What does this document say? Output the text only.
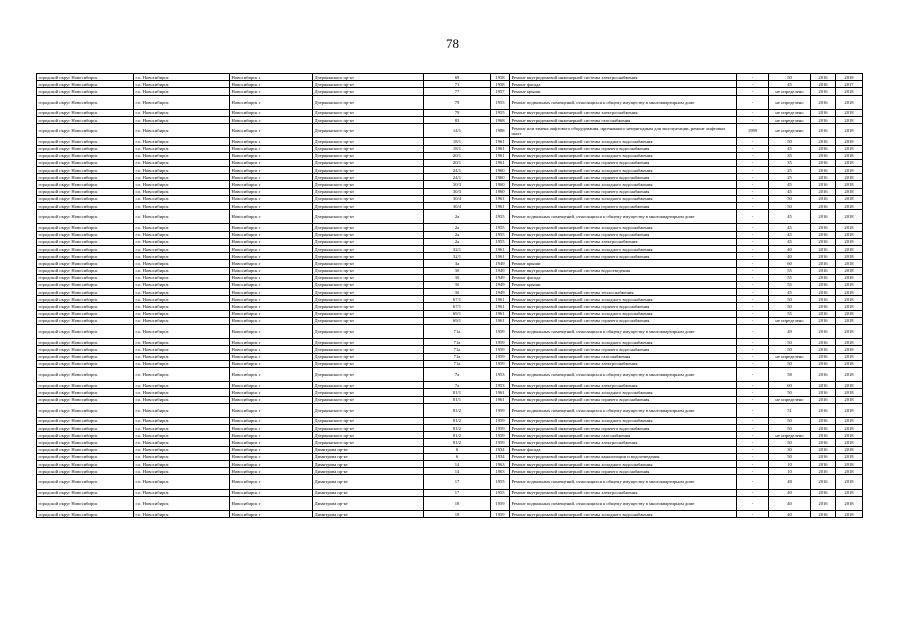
78
городской округ Новосибирск	г.о. Новосибирск	Новосибирск г	Дзержинского пр-кт	69	1958	Ремонт внутридомовой инженерной системы электроснабжения	-	50	2016	2018
городской округ Новосибирск	г.о. Новосибирск	Новосибирск г	Дзержинского пр-кт	71	1958	Ремонт фасада	-	45	2016	2017
городской округ Новосибирск	г.о. Новосибирск	Новосибирск г	Дзержинского пр-кт	77	1957	Ремонт крыши	-	не определено	2016	2018
городской округ Новосибирск	г.о. Новосибирск	Новосибирск г	Дзержинского пр-кт	79	1955	Ремонт подвальных помещений, относящихся к общему имуществу в многоквартирном доме	-	не определено	2016	2018
городской округ Новосибирск	г.о. Новосибирск	Новосибирск г	Дзержинского пр-кт	79	1955	Ремонт внутридомовой инженерной системы электроснабжения	-	не определено	2016	2018
городской округ Новосибирск	г.о. Новосибирск	Новосибирск г	Дзержинского пр-кт	83	1968	Ремонт внутридомовой инженерной системы газоснабжения	-	не определено	2016	2018
городской округ Новосибирск	г.о. Новосибирск	Новосибирск г	Дзержинского пр-кт	14/1	1988	Ремонт или замена лифтового оборудования, признанного непригодным для эксплуатации, ремонт лифтовых шахт	1989	не определено	2016	2018
городской округ Новосибирск	г.о. Новосибирск	Новосибирск г	Дзержинского пр-кт	18/1	1961	Ремонт внутридомовой инженерной системы холодного водоснабжения	-	50	2016	2018
городской округ Новосибирск	г.о. Новосибирск	Новосибирск г	Дзержинского пр-кт	18/1	1961	Ремонт внутридомовой инженерной системы горячего водоснабжения	-	45	2016	2018
городской округ Новосибирск	г.о. Новосибирск	Новосибирск г	Дзержинского пр-кт	20/1	1961	Ремонт внутридомовой инженерной системы холодного водоснабжения	-	35	2016	2018
городской округ Новосибирск	г.о. Новосибирск	Новосибирск г	Дзержинского пр-кт	20/1	1961	Ремонт внутридомовой инженерной системы горячего водоснабжения	-	35	2016	2018
городской округ Новосибирск	г.о. Новосибирск	Новосибирск г	Дзержинского пр-кт	24/1	1960	Ремонт внутридомовой инженерной системы холодного водоснабжения	-	25	2016	2018
городской округ Новосибирск	г.о. Новосибирск	Новосибирск г	Дзержинского пр-кт	24/1	1960	Ремонт внутридомовой инженерной системы горячего водоснабжения	-	25	2016	2018
городской округ Новосибирск	г.о. Новосибирск	Новосибирск г	Дзержинского пр-кт	30/3	1960	Ремонт внутридомовой инженерной системы холодного водоснабжения	-	45	2016	2018
городской округ Новосибирск	г.о. Новосибирск	Новосибирск г	Дзержинского пр-кт	30/3	1960	Ремонт внутридомовой инженерной системы горячего водоснабжения	-	45	2016	2018
городской округ Новосибирск	г.о. Новосибирск	Новосибирск г	Дзержинского пр-кт	30/4	1961	Ремонт внутридомовой инженерной системы холодного водоснабжения	-	50	2016	2018
городской округ Новосибирск	г.о. Новосибирск	Новосибирск г	Дзержинского пр-кт	30/4	1961	Ремонт внутридомовой инженерной системы горячего водоснабжения	-	50	2016	2018
городской округ Новосибирск	г.о. Новосибирск	Новосибирск г	Дзержинского пр-кт	2а	1955	Ремонт подвальных помещений, относящихся к общему имуществу в многоквартирном доме	-	45	2016	2018
городской округ Новосибирск	г.о. Новосибирск	Новосибирск г	Дзержинского пр-кт	2а	1955	Ремонт внутридомовой инженерной системы холодного водоснабжения	-	45	2016	2018
городской округ Новосибирск	г.о. Новосибирск	Новосибирск г	Дзержинского пр-кт	2а	1955	Ремонт внутридомовой инженерной системы горячего водоснабжения	-	45	2016	2018
городской округ Новосибирск	г.о. Новосибирск	Новосибирск г	Дзержинского пр-кт	2а	1955	Ремонт внутридомовой инженерной системы электроснабжения	-	45	2016	2018
городской округ Новосибирск	г.о. Новосибирск	Новосибирск г	Дзержинского пр-кт	32/1	1961	Ремонт внутридомовой инженерной системы холодного водоснабжения	-	40	2016	2018
городской округ Новосибирск	г.о. Новосибирск	Новосибирск г	Дзержинского пр-кт	32/1	1961	Ремонт внутридомовой инженерной системы горячего водоснабжения	-	40	2016	2018
городской округ Новосибирск	г.о. Новосибирск	Новосибирск г	Дзержинского пр-кт	3а	1949	Ремонт крыши	-	60	2016	2018
городской округ Новосибирск	г.о. Новосибирск	Новосибирск г	Дзержинского пр-кт	3б	1949	Ремонт внутридомовой инженерной системы водоотведения	-	55	2016	2018
городской округ Новосибирск	г.о. Новосибирск	Новосибирск г	Дзержинского пр-кт	3б	1949	Ремонт фасада	-	55	2016	2018
городской округ Новосибирск	г.о. Новосибирск	Новосибирск г	Дзержинского пр-кт	3б	1949	Ремонт крыши	-	55	2016	2018
городской округ Новосибирск	г.о. Новосибирск	Новосибирск г	Дзержинского пр-кт	3б	1949	Ремонт внутридомовой инженерной системы теплоснабжения	-	45	2016	2018
городской округ Новосибирск	г.о. Новосибирск	Новосибирск г	Дзержинского пр-кт	67/1	1961	Ремонт внутридомовой инженерной системы холодного водоснабжения	-	50	2016	2018
городской округ Новосибирск	г.о. Новосибирск	Новосибирск г	Дзержинского пр-кт	67/1	1961	Ремонт внутридомовой инженерной системы горячего водоснабжения	-	50	2016	2018
городской округ Новосибирск	г.о. Новосибирск	Новосибирск г	Дзержинского пр-кт	69/1	1961	Ремонт внутридомовой инженерной системы холодного водоснабжения	-	55	2016	2018
городской округ Новосибирск	г.о. Новосибирск	Новосибирск г	Дзержинского пр-кт	69/1	1961	Ремонт внутридомовой инженерной системы горячего водоснабжения	-	не определено	2016	2018
городской округ Новосибирск	г.о. Новосибирск	Новосибирск г	Дзержинского пр-кт	71а	1959	Ремонт подвальных помещений, относящихся к общему имуществу в многоквартирном доме	-	49	2016	2018
городской округ Новосибирск	г.о. Новосибирск	Новосибирск г	Дзержинского пр-кт	71а	1959	Ремонт внутридомовой инженерной системы холодного водоснабжения	-	50	2016	2018
городской округ Новосибирск	г.о. Новосибирск	Новосибирск г	Дзержинского пр-кт	71а	1959	Ремонт внутридомовой инженерной системы горячего водоснабжения	-	50	2016	2018
городской округ Новосибирск	г.о. Новосибирск	Новосибирск г	Дзержинского пр-кт	71а	1959	Ремонт внутридомовой инженерной системы газоснабжения	-	не определено	2016	2018
городской округ Новосибирск	г.о. Новосибирск	Новосибирск г	Дзержинского пр-кт	71а	1959	Ремонт внутридомовой инженерной системы электроснабжения	-	50	2016	2018
городской округ Новосибирск	г.о. Новосибирск	Новосибирск г	Дзержинского пр-кт	7а	1953	Ремонт подвальных помещений, относящихся к общему имуществу в многоквартирном доме	-	58	2016	2018
городской округ Новосибирск	г.о. Новосибирск	Новосибирск г	Дзержинского пр-кт	7а	1953	Ремонт внутридомовой инженерной системы электроснабжения	-	60	2016	2018
городской округ Новосибирск	г.о. Новосибирск	Новосибирск г	Дзержинского пр-кт	81/1	1961	Ремонт внутридомовой инженерной системы холодного водоснабжения	-	50	2016	2018
городской округ Новосибирск	г.о. Новосибирск	Новосибирск г	Дзержинского пр-кт	81/1	1961	Ремонт внутридомовой инженерной системы горячего водоснабжения	-	не определено	2016	2018
городской округ Новосибирск	г.о. Новосибирск	Новосибирск г	Дзержинского пр-кт	81/2	1959	Ремонт подвальных помещений, относящихся к общему имуществу в многоквартирном доме	-	51	2016	2018
городской округ Новосибирск	г.о. Новосибирск	Новосибирск г	Дзержинского пр-кт	81/2	1959	Ремонт внутридомовой инженерной системы холодного водоснабжения	-	50	2016	2018
городской округ Новосибирск	г.о. Новосибирск	Новосибирск г	Дзержинского пр-кт	81/2	1959	Ремонт внутридомовой инженерной системы горячего водоснабжения	-	50	2016	2018
городской округ Новосибирск	г.о. Новосибирск	Новосибирск г	Дзержинского пр-кт	81/2	1959	Ремонт внутридомовой инженерной системы газоснабжения	-	не определено	2016	2018
городской округ Новосибирск	г.о. Новосибирск	Новосибирск г	Дзержинского пр-кт	81/2	1959	Ремонт внутридомовой инженерной системы электроснабжения	-	50	2016	2018
городской округ Новосибирск	г.о. Новосибирск	Новосибирск г	Димитрова пр-кт	6	1934	Ремонт фасада	-	30	2016	2018
городской округ Новосибирск	г.о. Новосибирск	Новосибирск г	Димитрова пр-кт	6	1934	Ремонт внутридомовой инженерной системы канализации и водоотведения	-	50	2016	2018
городской округ Новосибирск	г.о. Новосибирск	Новосибирск г	Димитрова пр-кт	14	1963	Ремонт внутридомовой инженерной системы холодного водоснабжения	-	10	2016	2018
городской округ Новосибирск	г.о. Новосибирск	Новосибирск г	Димитрова пр-кт	14	1963	Ремонт внутридомовой инженерной системы горячего водоснабжения	-	10	2016	2018
городской округ Новосибирск	г.о. Новосибирск	Новосибирск г	Димитрова пр-кт	17	1955	Ремонт подвальных помещений, относящихся к общему имуществу в многоквартирном доме	-	48	2016	2018
городской округ Новосибирск	г.о. Новосибирск	Новосибирск г	Димитрова пр-кт	17	1955	Ремонт внутридомовой инженерной системы электроснабжения	-	40	2016	2018
городской округ Новосибирск	г.о. Новосибирск	Новосибирск г	Димитрова пр-кт	18	1959	Ремонт подвальных помещений, относящихся к общему имуществу в многоквартирном доме	-	40	2016	2018
городской округ Новосибирск	г.о. Новосибирск	Новосибирск г	Димитрова пр-кт	18	1959	Ремонт внутридомовой инженерной системы холодного водоснабжения	-	40	2016	2018
